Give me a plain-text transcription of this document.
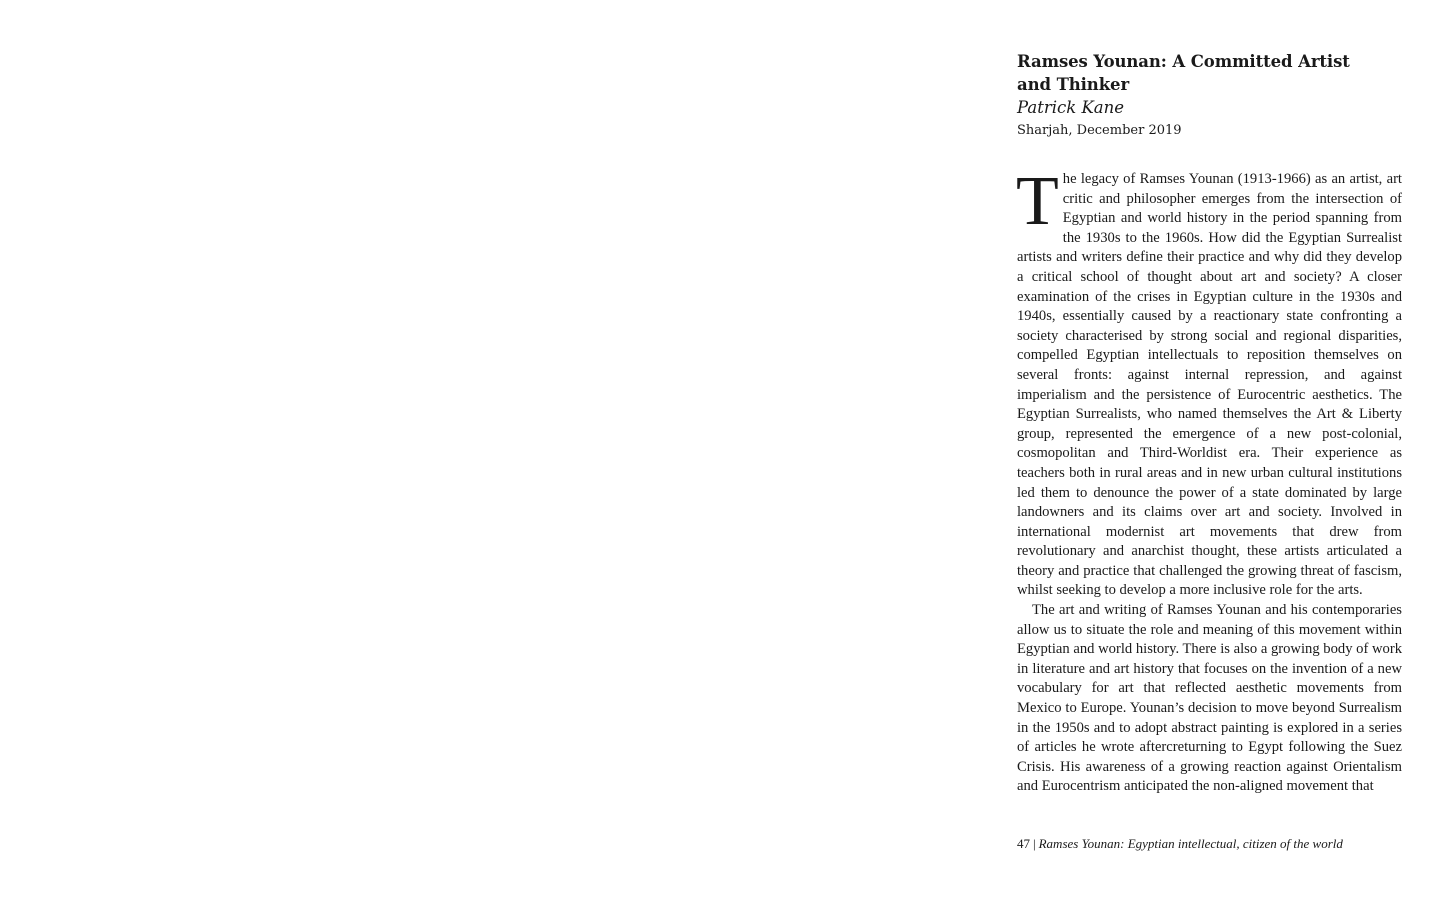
Ramses Younan: A Committed Artist
and Thinker
Patrick Kane
Sharjah, December 2019

The legacy of Ramses Younan (1913-1966) as an artist, art critic and philosopher emerges from the intersection of Egyptian and world history in the period spanning from the 1930s to the 1960s. How did the Egyptian Surrealist artists and writers define their practice and why did they develop a critical school of thought about art and society? A closer examination of the crises in Egyptian culture in the 1930s and 1940s, essentially caused by a reactionary state confronting a society characterised by strong social and regional disparities, compelled Egyptian intellectuals to reposition themselves on several fronts: against internal repression, and against imperialism and the persistence of Eurocentric aesthetics. The Egyptian Surrealists, who named themselves the Art & Liberty group, represented the emergence of a new post-colonial, cosmopolitan and Third-Worldist era. Their experience as teachers both in rural areas and in new urban cultural institutions led them to denounce the power of a state dominated by large landowners and its claims over art and society. Involved in international modernist art movements that drew from revolutionary and anarchist thought, these artists articulated a theory and practice that challenged the growing threat of fascism, whilst seeking to develop a more inclusive role for the arts.

The art and writing of Ramses Younan and his contemporaries allow us to situate the role and meaning of this movement within Egyptian and world history. There is also a growing body of work in literature and art history that focuses on the invention of a new vocabulary for art that reflected aesthetic movements from Mexico to Europe. Younan’s decision to move beyond Surrealism in the 1950s and to adopt abstract painting is explored in a series of articles he wrote aftercreturning to Egypt following the Suez Crisis. His awareness of a growing reaction against Orientalism and Eurocentrism anticipated the non-aligned movement that

47 | Ramses Younan: Egyptian intellectual, citizen of the world
